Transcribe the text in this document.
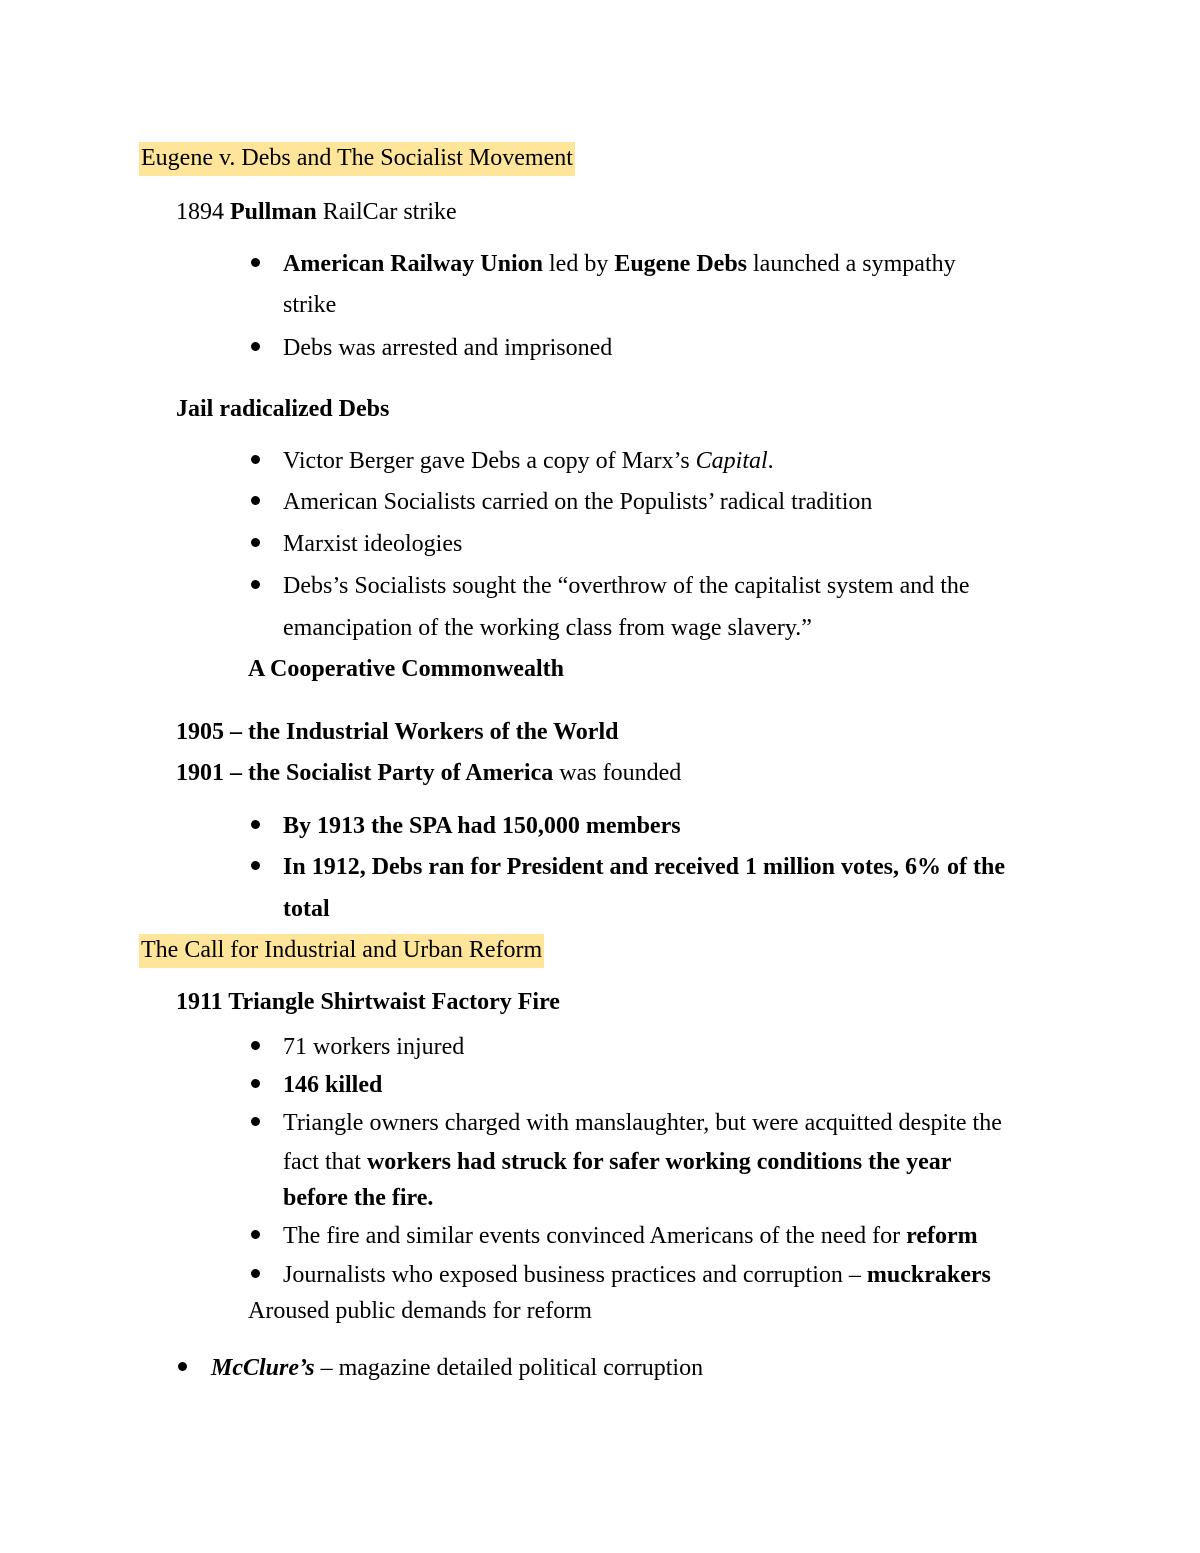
Eugene v. Debs and The Socialist Movement
1894 Pullman RailCar strike
American Railway Union led by Eugene Debs launched a sympathy
strike
Debs was arrested and imprisoned
Jail radicalized Debs
Victor Berger gave Debs a copy of Marx’s Capital.
American Socialists carried on the Populists’ radical tradition
Marxist ideologies
Debs’s Socialists sought the “overthrow of the capitalist system and the
emancipation of the working class from wage slavery.”
A Cooperative Commonwealth
1905 – the Industrial Workers of the World
1901 – the Socialist Party of America was founded
By 1913 the SPA had 150,000 members
In 1912, Debs ran for President and received 1 million votes, 6% of the
total
The Call for Industrial and Urban Reform
1911 Triangle Shirtwaist Factory Fire
71 workers injured
146 killed
Triangle owners charged with manslaughter, but were acquitted despite the
fact that workers had struck for safer working conditions the year
before the fire.
The fire and similar events convinced Americans of the need for reform
Journalists who exposed business practices and corruption – muckrakers
Aroused public demands for reform
McClure’s – magazine detailed political corruption
